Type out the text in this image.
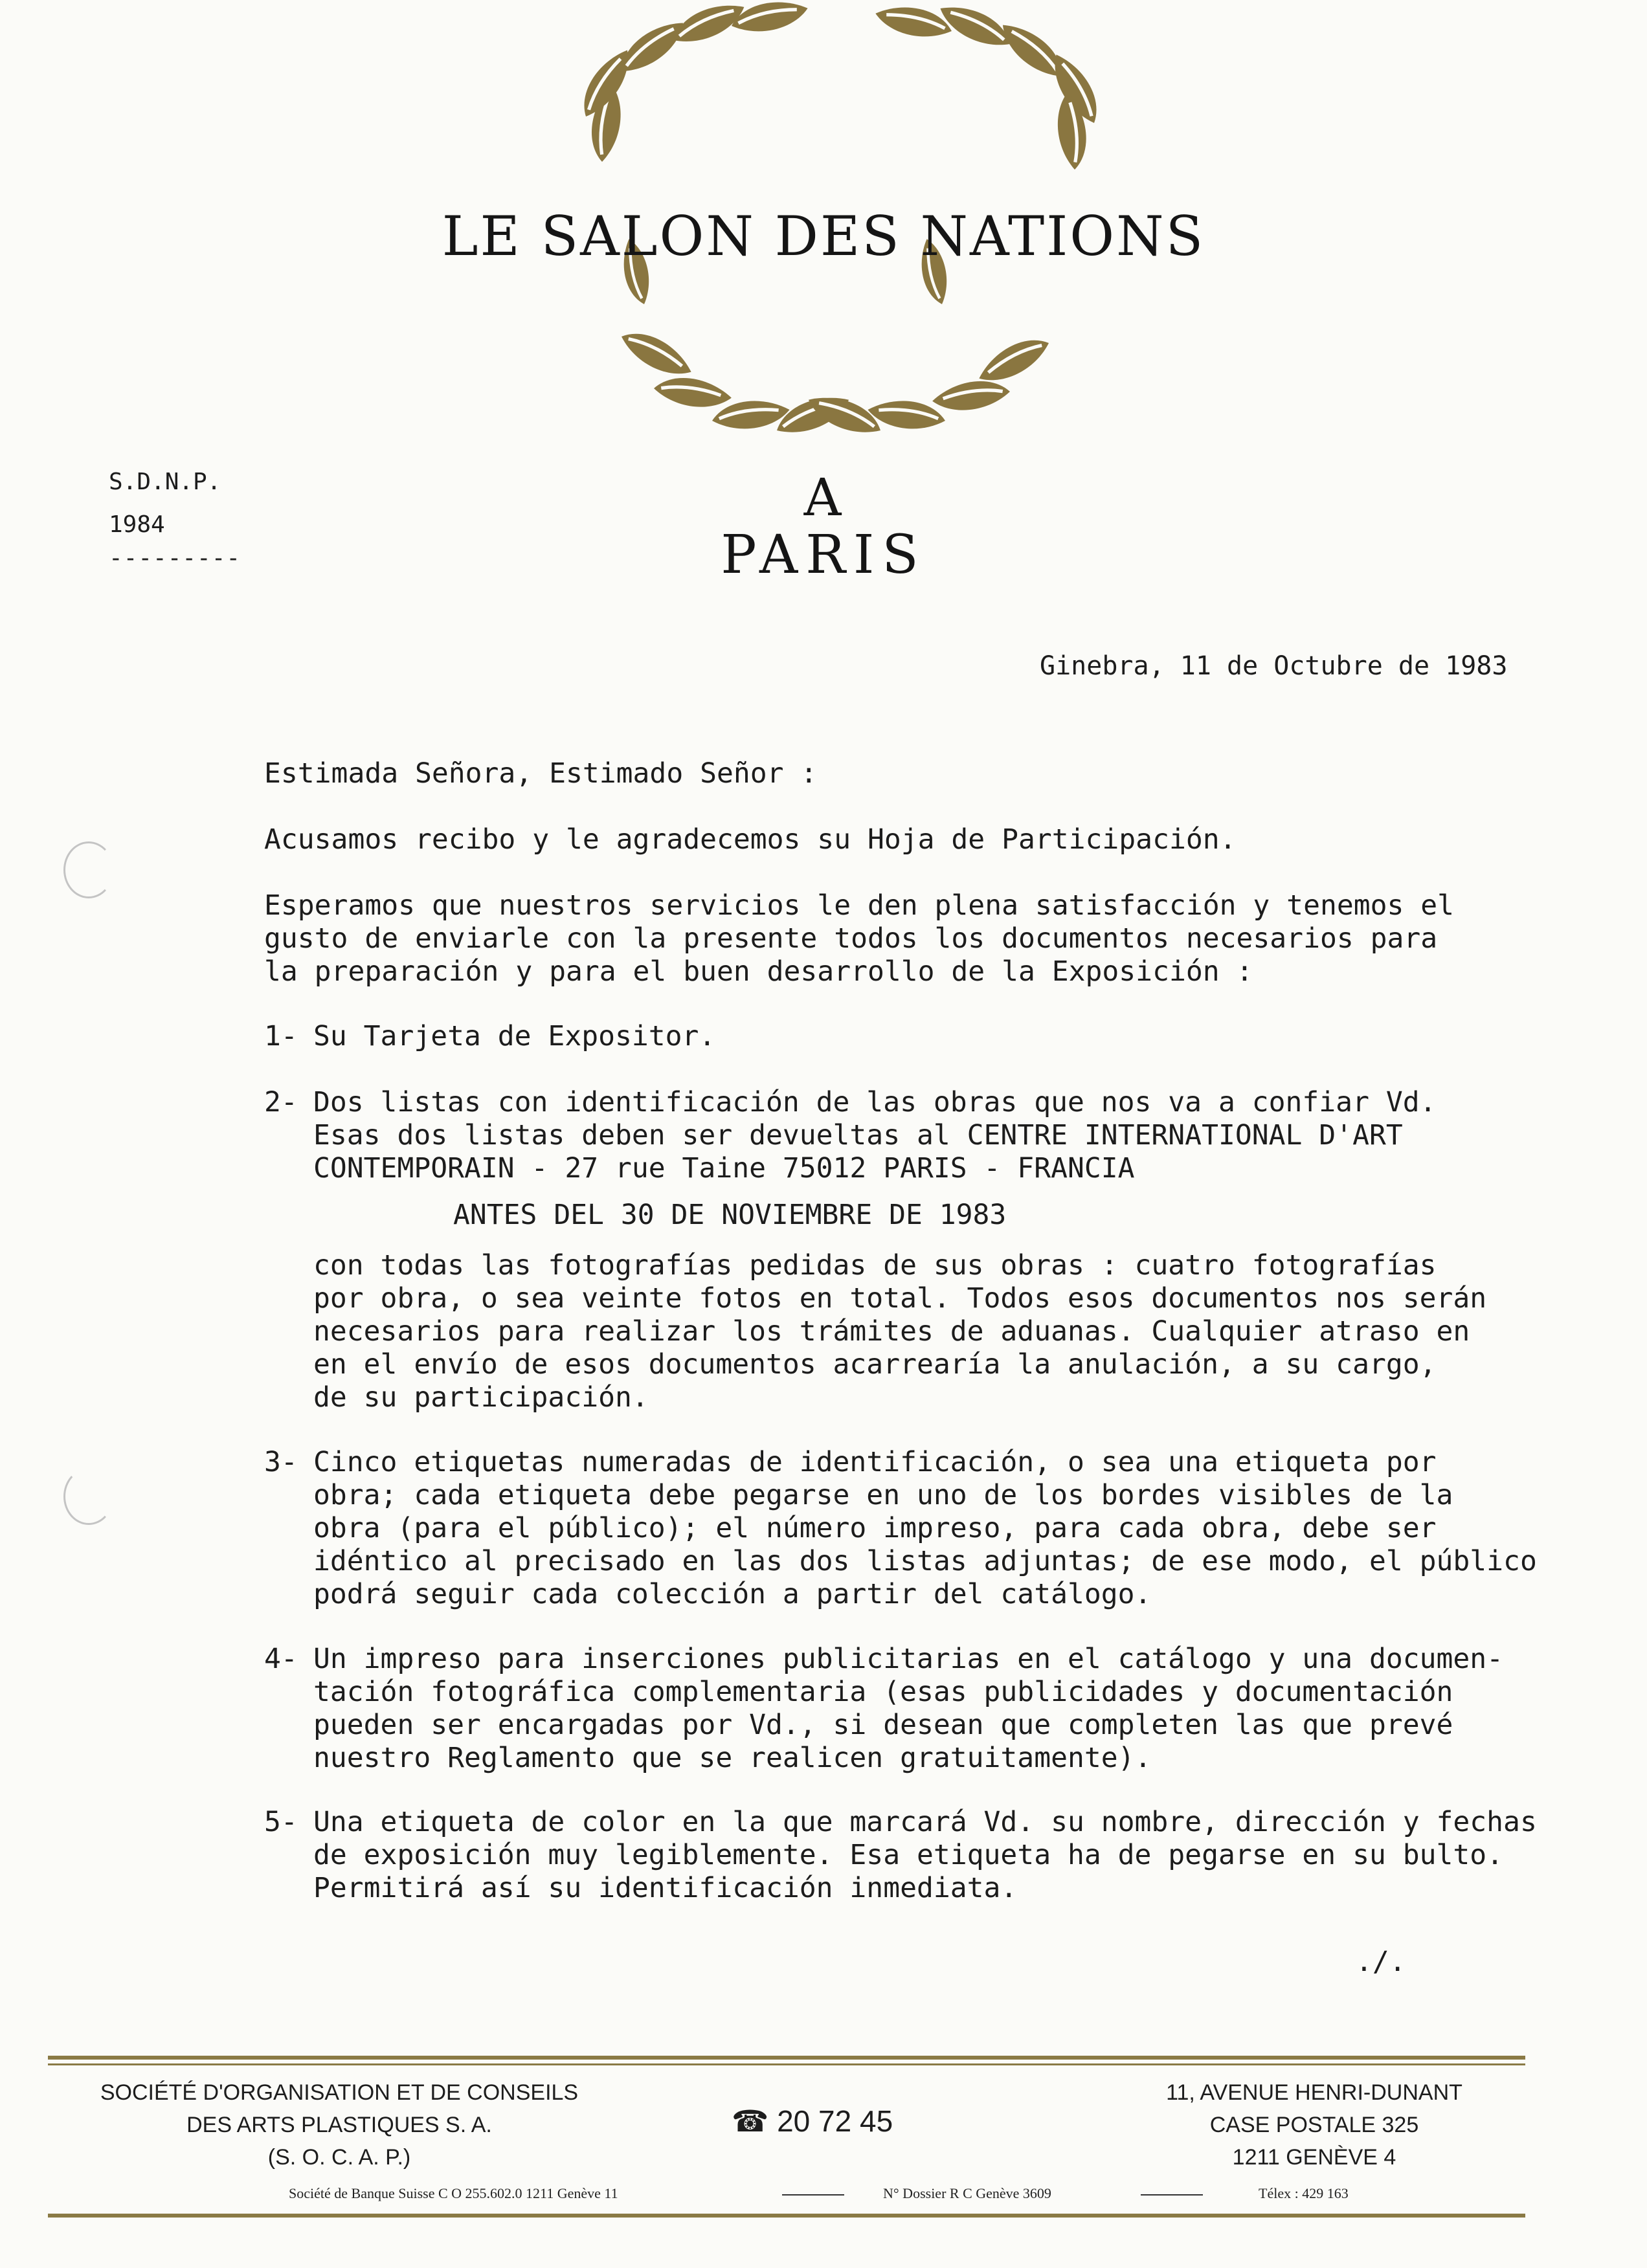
LE SALON DES NATIONS
A
PARIS
S.D.N.P.
1984
---------
Ginebra, 11 de Octubre de 1983
Estimada Señora, Estimado Señor :
Acusamos recibo y le agradecemos su Hoja de Participación.
Esperamos que nuestros servicios le den plena satisfacción y tenemos el
gusto de enviarle con la presente todos los documentos necesarios para
la preparación y para el buen desarrollo de la Exposición :
1- Su Tarjeta de Expositor.
2- Dos listas con identificación de las obras que nos va a confiar Vd.
Esas dos listas deben ser devueltas al CENTRE INTERNATIONAL D'ART
CONTEMPORAIN - 27 rue Taine 75012 PARIS - FRANCIA
ANTES DEL 30 DE NOVIEMBRE DE 1983
con todas las fotografías pedidas de sus obras : cuatro fotografías
por obra, o sea veinte fotos en total. Todos esos documentos nos serán
necesarios para realizar los trámites de aduanas. Cualquier atraso en
en el envío de esos documentos acarrearía la anulación, a su cargo,
de su participación.
3- Cinco etiquetas numeradas de identificación, o sea una etiqueta por
obra; cada etiqueta debe pegarse en uno de los bordes visibles de la
obra (para el público); el número impreso, para cada obra, debe ser
idéntico al precisado en las dos listas adjuntas; de ese modo, el público
podrá seguir cada colección a partir del catálogo.
4- Un impreso para inserciones publicitarias en el catálogo y una documen-
tación fotográfica complementaria (esas publicidades y documentación
pueden ser encargadas por Vd., si desean que completen las que prevé
nuestro Reglamento que se realicen gratuitamente).
5- Una etiqueta de color en la que marcará Vd. su nombre, dirección y fechas
de exposición muy legiblemente. Esa etiqueta ha de pegarse en su bulto.
Permitirá así su identificación inmediata.
./.
SOCIÉTÉ D'ORGANISATION ET DE CONSEILS
DES ARTS PLASTIQUES S. A.
(S. O. C. A. P.)
☎ 20 72 45
11, AVENUE HENRI-DUNANT
CASE POSTALE 325
1211 GENÈVE 4
Société de Banque Suisse C O 255.602.0 1211 Genève 11	N° Dossier R C Genève 3609	Télex : 429 163
